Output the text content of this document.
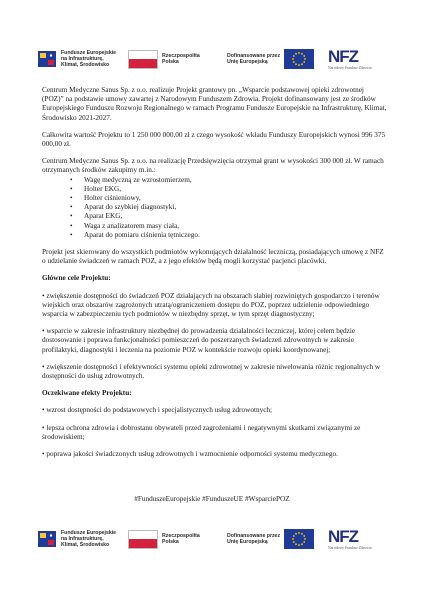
Fundusze Europejskie
na Infrastrukturę,
Klimat, Środowisko
Rzeczpospolita
Polska
Dofinansowane przez
Unię Europejską	NFZ
Narodowy Fundusz Zdrowia

Centrum Medyczne Sanus Sp. z o.o. realizuje Projekt grantowy pn. „Wsparcie podstawowej opieki zdrowotnej (POZ)” na podstawie umowy zawartej z Narodowym Funduszem Zdrowia. Projekt dofinansowany jest ze środków Europejskiego Funduszu Rozwoju Regionalnego w ramach Programu Fundusze Europejskie na Infrastrukturę, Klimat, Środowisko 2021-2027.

Całkowita wartość Projektu to 1 250 000 000,00 zł z czego wysokość wkładu Funduszy Europejskich wynosi 996 375 000,00 zł.

Centrum Medyczne Sanus Sp. z o.o. na realizację Przedsięwzięcia otrzymał grant w wysokości 300 000 zł. W ramach otrzymanych środków zakupimy m.in.:

• Wagę medyczną ze wzrostomierzem,
• Holter EKG,
• Holter ciśnieniowy,
• Aparat do szybkiej diagnostyki,
• Aparat EKG,
• Waga z analizatorem masy ciała,
• Aparat do pomiaru ciśnienia tętniczego.

Projekt jest skierowany do wszystkich podmiotów wykonujących działalność leczniczą, posiadających umowę z NFZ o udzielanie świadczeń w ramach POZ, a z jego efektów będą mogli korzystać pacjenci placówki.

Główne cele Projektu:

• zwiększenie dostępności do świadczeń POZ działających na obszarach słabiej rozwiniętych gospodarczo i terenów wiejskich oraz obszarów zagrożonych utratą/ograniczeniem dostępu do POZ, poprzez udzielenie odpowiedniego wsparcia w zabezpieczeniu tych podmiotów w niezbędny sprzęt, w tym sprzęt diagnostyczny;

• wsparcie w zakresie infrastruktury niezbędnej do prowadzenia działalności leczniczej, której celem będzie dostosowanie i poprawa funkcjonalności pomieszczeń do poszerzanych świadczeń zdrowotnych w zakresie profilaktyki, diagnostyki i leczenia na poziomie POZ w kontekście rozwoju opieki koordynowanej;

• zwiększenie dostępności i efektywności systemu opieki zdrowotnej w zakresie niwelowania różnic regionalnych w dostępności do usług zdrowotnych.

Oczekiwane efekty Projektu:

• wzrost dostępności do podstawowych i specjalistycznych usług zdrowotnych;

• lepsza ochrona zdrowia i dobrostanu obywateli przed zagrożeniami i negatywnymi skutkami związanymi ze środowiskiem;

• poprawa jakości świadczonych usług zdrowotnych i wzmocnienie odporności systemu medycznego.

#FunduszeEuropejskie #FunduszeUE #WsparciePOZ
Fundusze Europejskie
na Infrastrukturę,
Klimat, Środowisko
Rzeczpospolita
Polska
Dofinansowane przez
Unię Europejską	NFZ
Narodowy Fundusz Zdrowia
